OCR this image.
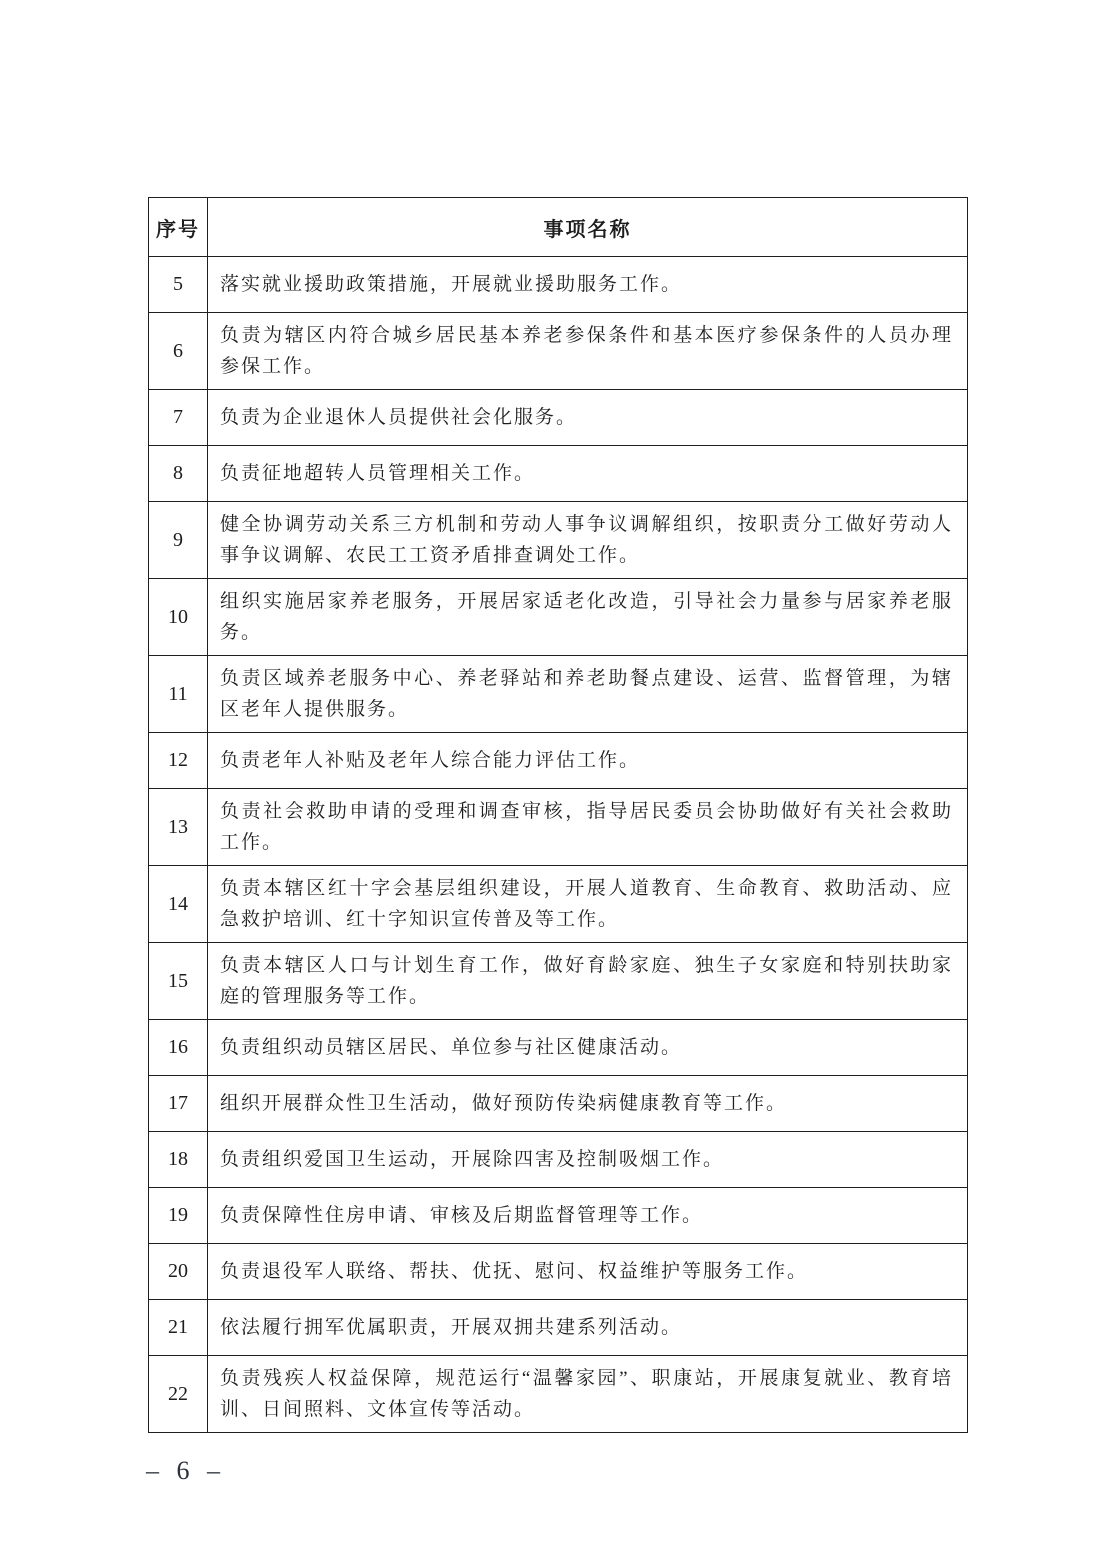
序号	事项名称
5	落实就业援助政策措施，开展就业援助服务工作。
6	负责为辖区内符合城乡居民基本养老参保条件和基本医疗参保条件的人员办理参保工作。
7	负责为企业退休人员提供社会化服务。
8	负责征地超转人员管理相关工作。
9	健全协调劳动关系三方机制和劳动人事争议调解组织，按职责分工做好劳动人事争议调解、农民工工资矛盾排查调处工作。
10	组织实施居家养老服务，开展居家适老化改造，引导社会力量参与居家养老服务。
11	负责区域养老服务中心、养老驿站和养老助餐点建设、运营、监督管理，为辖区老年人提供服务。
12	负责老年人补贴及老年人综合能力评估工作。
13	负责社会救助申请的受理和调查审核，指导居民委员会协助做好有关社会救助工作。
14	负责本辖区红十字会基层组织建设，开展人道教育、生命教育、救助活动、应急救护培训、红十字知识宣传普及等工作。
15	负责本辖区人口与计划生育工作，做好育龄家庭、独生子女家庭和特别扶助家庭的管理服务等工作。
16	负责组织动员辖区居民、单位参与社区健康活动。
17	组织开展群众性卫生活动，做好预防传染病健康教育等工作。
18	负责组织爱国卫生运动，开展除四害及控制吸烟工作。
19	负责保障性住房申请、审核及后期监督管理等工作。
20	负责退役军人联络、帮扶、优抚、慰问、权益维护等服务工作。
21	依法履行拥军优属职责，开展双拥共建系列活动。
22	负责残疾人权益保障，规范运行“温馨家园”、职康站，开展康复就业、教育培训、日间照料、文体宣传等活动。
– 6 –
